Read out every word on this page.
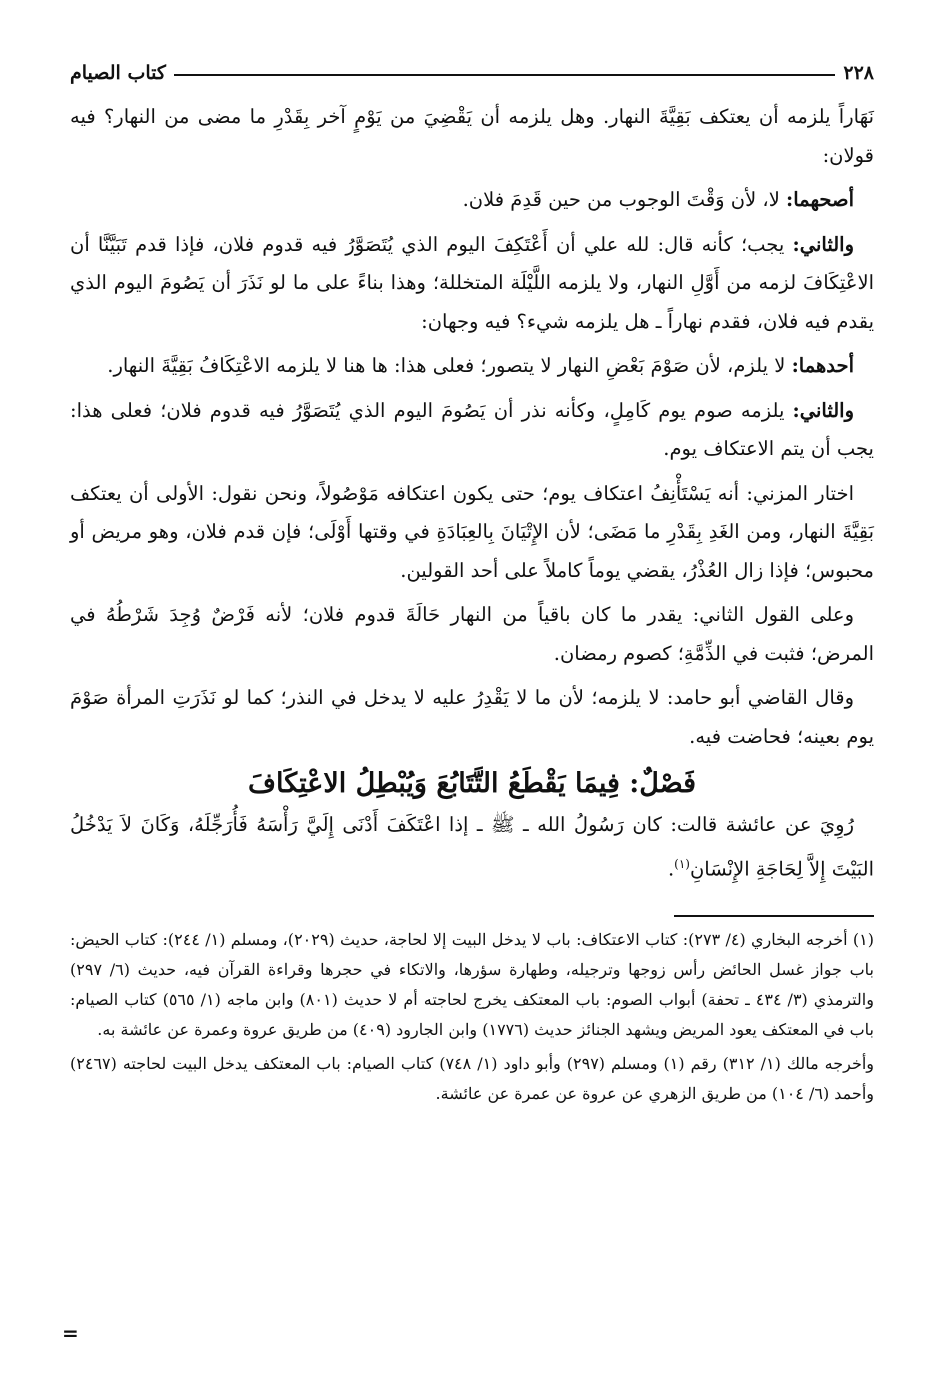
٢٢٨
كتاب الصيام

نَهَاراً يلزمه أن يعتكف بَقِيَّةَ النهار. وهل يلزمه أن يَقْضِيَ من يَوْمٍ آخر بِقَدْرِ ما مضى من النهار؟ فيه قولان:

أصحهما: لا، لأن وَقْتَ الوجوب من حين قَدِمَ فلان.

والثاني: يجب؛ كأنه قال: لله علي أن أَعْتَكِفَ اليوم الذي يُتَصَوَّرُ فيه قدوم فلان، فإذا قدم تَبَيَّنَّا أن الاعْتِكَافَ لزمه من أَوَّلِ النهار، ولا يلزمه اللَّيْلَة المتخللة؛ وهذا بناءً على ما لو نَذَرَ أن يَصُومَ اليوم الذي يقدم فيه فلان، فقدم نهاراً ـ هل يلزمه شيء؟ فيه وجهان:

أحدهما: لا يلزم، لأن صَوْمَ بَعْضِ النهار لا يتصور؛ فعلى هذا: ها هنا لا يلزمه الاعْتِكَافُ بَقِيَّةَ النهار.

والثاني: يلزمه صوم يوم كَامِلٍ، وكأنه نذر أن يَصُومَ اليوم الذي يُتَصَوَّرُ فيه قدوم فلان؛ فعلى هذا: يجب أن يتم الاعتكاف يوم.

اختار المزني: أنه يَسْتَأْنِفُ اعتكاف يوم؛ حتى يكون اعتكافه مَوْصُولاً، ونحن نقول: الأولى أن يعتكف بَقِيَّةَ النهار، ومن الغَدِ بِقَدْرِ ما مَضَى؛ لأن الإِتْيَانَ بِالعِبَادَةِ في وقتها أَوْلَى؛ فإن قدم فلان، وهو مريض أو محبوس؛ فإذا زال العُذْرُ، يقضي يوماً كاملاً على أحد القولين.

وعلى القول الثاني: يقدر ما كان باقياً من النهار حَالَةَ قدوم فلان؛ لأنه فَرْضٌ وُجِدَ شَرْطُهُ في المرض؛ فثبت في الذِّمَّةِ؛ كصوم رمضان.

وقال القاضي أبو حامد: لا يلزمه؛ لأن ما لا يَقْدِرُ عليه لا يدخل في النذر؛ كما لو نَذَرَتِ المرأة صَوْمَ يوم بعينه؛ فحاضت فيه.

فَصْلٌ: فِيمَا يَقْطَعُ التَّتَابُعَ وَيُبْطِلُ الاعْتِكَافَ

رُوِيَ عن عائشة قالت: كان رَسُولُ الله ـ ﷺ ـ إذا اعْتَكَفَ أَدْنَى إِلَيَّ رَأْسَهُ فَأُرَجِّلَهُ، وَكَانَ لاَ يَدْخُلُ البَيْتَ إِلاَّ لِحَاجَةِ الإِنْسَانِ$^{(١)}$.

(١) أخرجه البخاري (٤/ ٢٧٣): كتاب الاعتكاف: باب لا يدخل البيت إلا لحاجة، حديث (٢٠٢٩)، ومسلم (١/ ٢٤٤): كتاب الحيض: باب جواز غسل الحائض رأس زوجها وترجيله، وطهارة سؤرها، والاتكاء في حجرها وقراءة القرآن فيه، حديث (٦/ ٢٩٧) والترمذي (٣/ ٤٣٤ ـ تحفة) أبواب الصوم: باب المعتكف يخرج لحاجته أم لا حديث (٨٠١) وابن ماجه (١/ ٥٦٥) كتاب الصيام: باب في المعتكف يعود المريض ويشهد الجنائز حديث (١٧٧٦) وابن الجارود (٤٠٩) من طريق عروة وعمرة عن عائشة به.

وأخرجه مالك (١/ ٣١٢) رقم (١) ومسلم (٢٩٧) وأبو داود (١/ ٧٤٨) كتاب الصيام: باب المعتكف يدخل البيت لحاجته (٢٤٦٧) وأحمد (٦/ ١٠٤) من طريق الزهري عن عروة عن عمرة عن عائشة.

=
